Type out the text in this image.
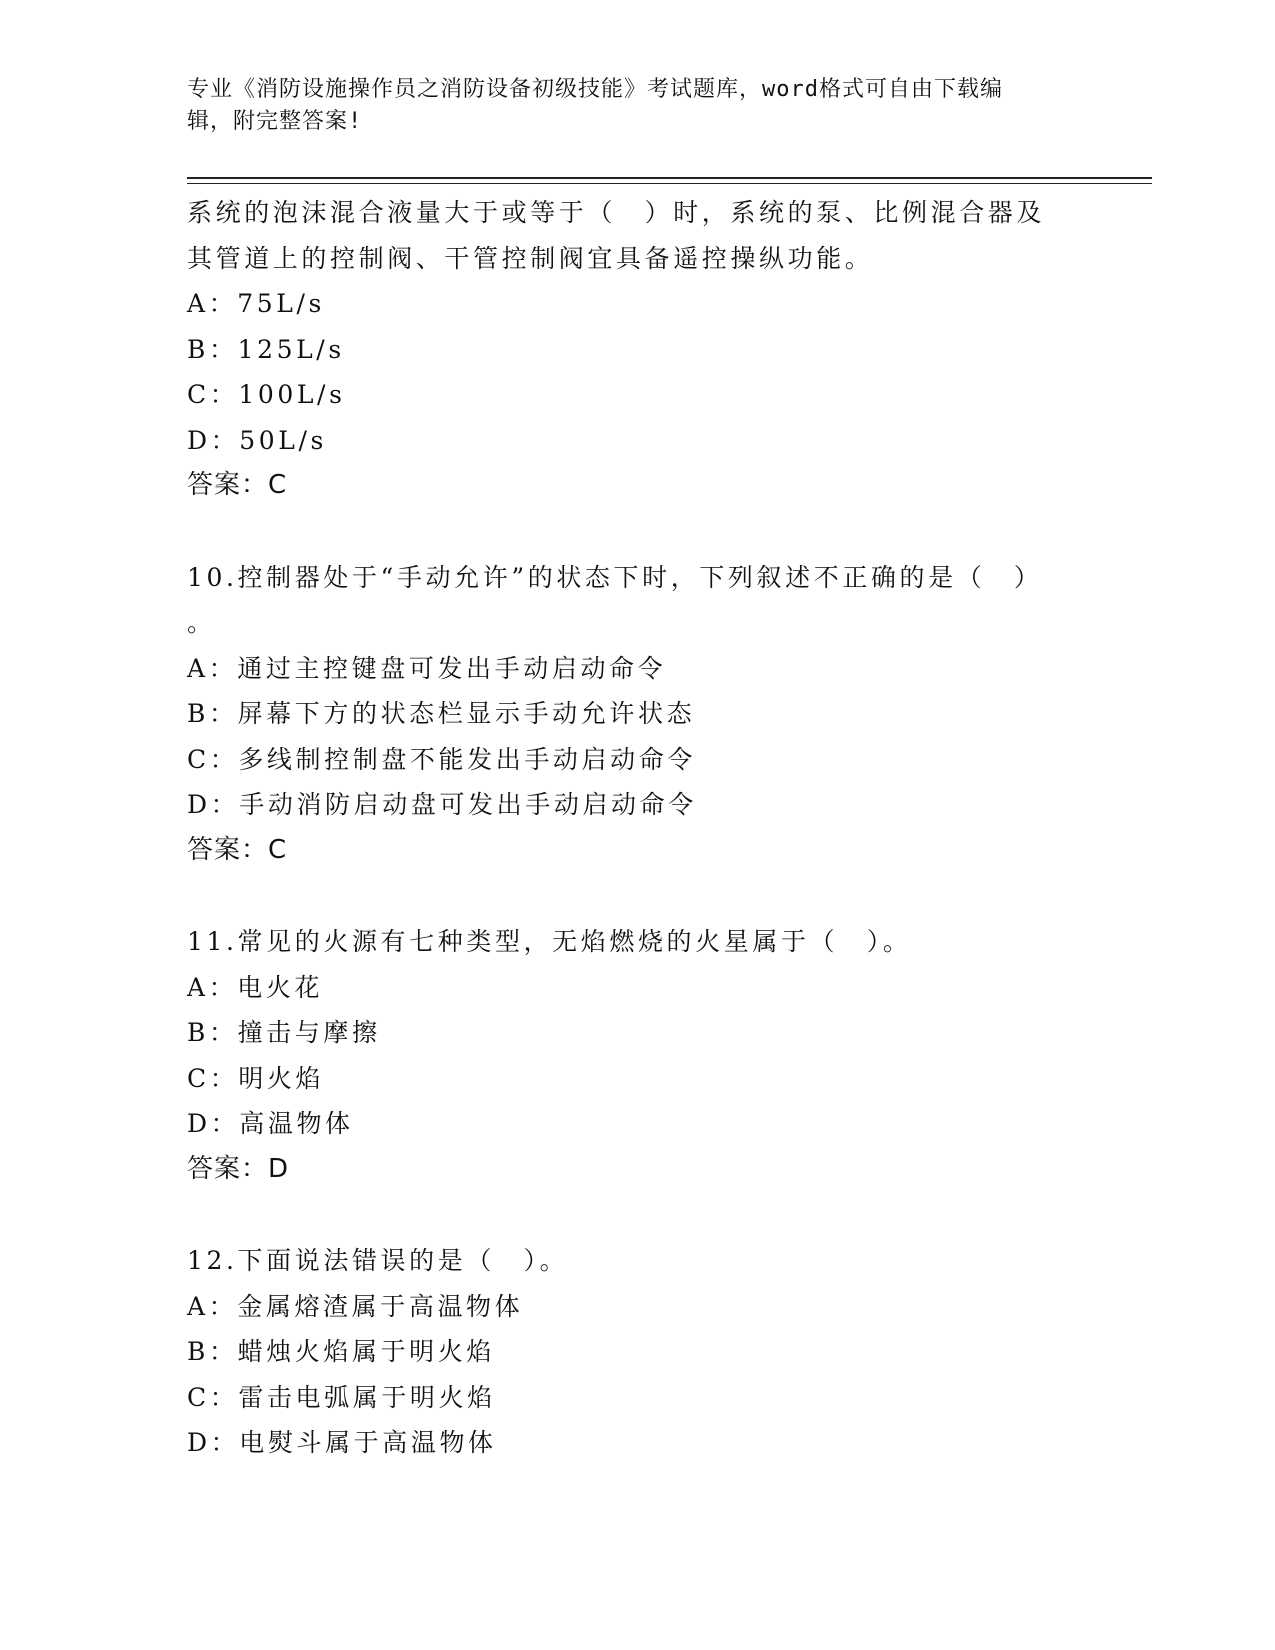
专业《消防设施操作员之消防设备初级技能》考试题库，word格式可自由下载编
辑，附完整答案!
系统的泡沫混合液量大于或等于（　）时，系统的泵、比例混合器及
其管道上的控制阀、干管控制阀宜具备遥控操纵功能。
A：75L/s
B：125L/s
C：100L/s
D：50L/s
答案：C
10.控制器处于“手动允许”的状态下时，下列叙述不正确的是（　）
。
A：通过主控键盘可发出手动启动命令
B：屏幕下方的状态栏显示手动允许状态
C：多线制控制盘不能发出手动启动命令
D：手动消防启动盘可发出手动启动命令
答案：C
11.常见的火源有七种类型，无焰燃烧的火星属于（　）。
A：电火花
B：撞击与摩擦
C：明火焰
D：高温物体
答案：D
12.下面说法错误的是（　）。
A：金属熔渣属于高温物体
B：蜡烛火焰属于明火焰
C：雷击电弧属于明火焰
D：电熨斗属于高温物体
